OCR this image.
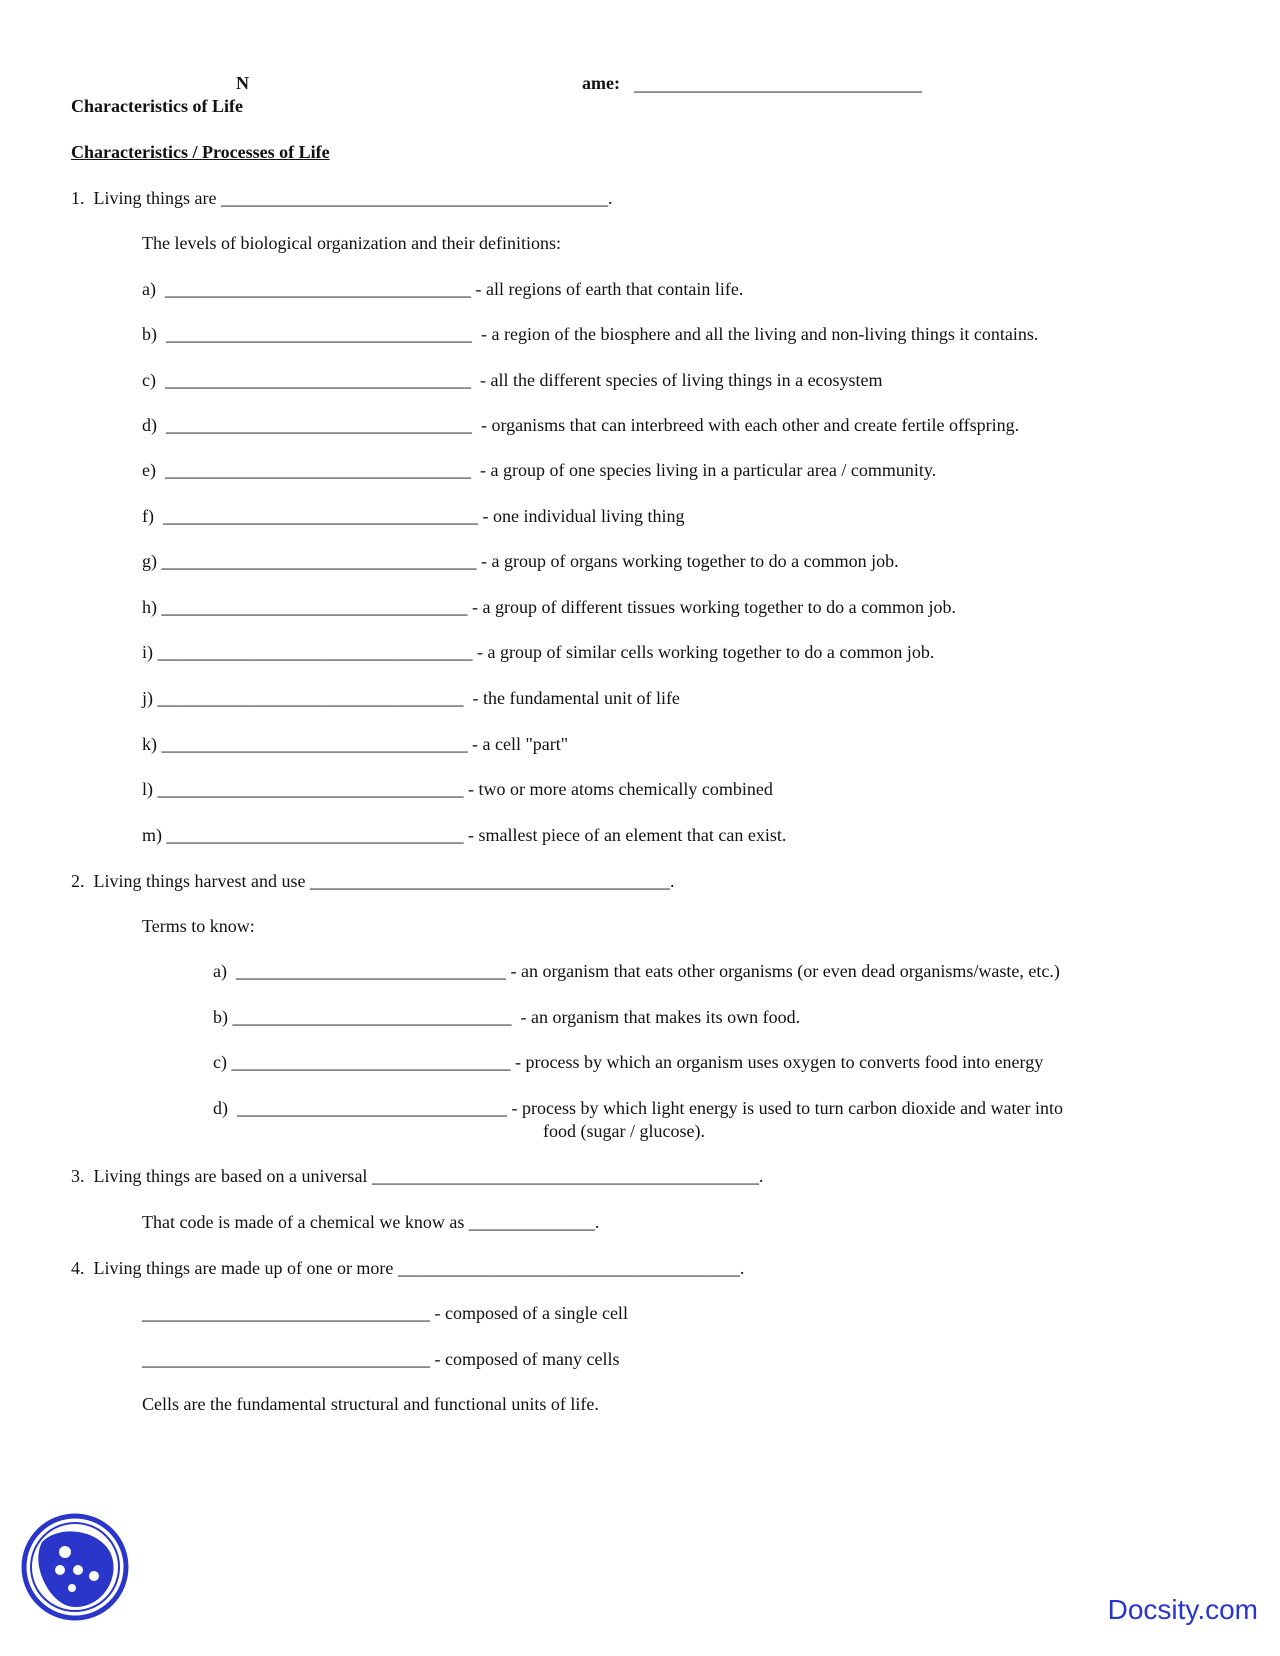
N	ame: ________________________________
Characteristics of Life
Characteristics / Processes of Life
1.  Living things are ___________________________________________.
The levels of biological organization and their definitions:
a)  __________________________________ - all regions of earth that contain life.
b)  __________________________________  - a region of the biosphere and all the living and non-living things it contains.
c)  __________________________________  - all the different species of living things in a ecosystem
d)  __________________________________  - organisms that can interbreed with each other and create fertile offspring.
e)  __________________________________  - a group of one species living in a particular area / community.
f)  ___________________________________ - one individual living thing
g) ___________________________________ - a group of organs working together to do a common job.
h) __________________________________ - a group of different tissues working together to do a common job.
i) ___________________________________ - a group of similar cells working together to do a common job.
j) __________________________________  - the fundamental unit of life
k) __________________________________ - a cell "part"
l) __________________________________ - two or more atoms chemically combined
m) _________________________________ - smallest piece of an element that can exist.
2.  Living things harvest and use ________________________________________.
Terms to know:
a)  ______________________________ - an organism that eats other organisms (or even dead organisms/waste, etc.)
b) _______________________________  - an organism that makes its own food.
c) _______________________________ - process by which an organism uses oxygen to converts food into energy
d)  ______________________________ - process by which light energy is used to turn carbon dioxide and water into
food (sugar / glucose).
3.  Living things are based on a universal ___________________________________________.
That code is made of a chemical we know as ______________.
4.  Living things are made up of one or more ______________________________________.
________________________________ - composed of a single cell
________________________________ - composed of many cells
Cells are the fundamental structural and functional units of life.
Docsity.com
